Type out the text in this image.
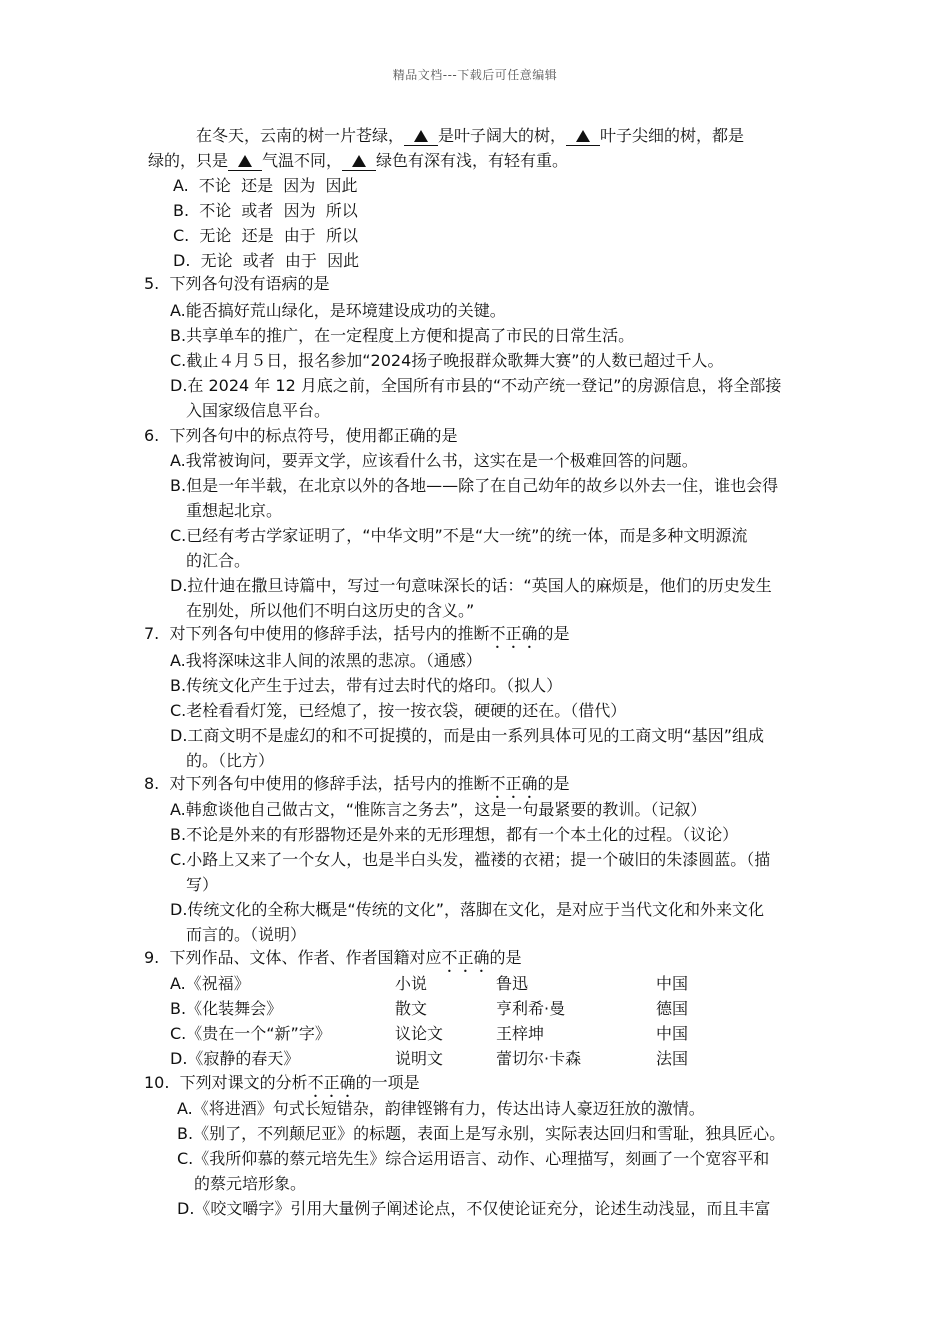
精品文档---下载后可任意编辑
在冬天，云南的树一片苍绿， 是叶子阔大的树， 叶子尖细的树，都是
绿的，只是 气温不同， 绿色有深有浅，有轻有重。
A.  不论  还是  因为  因此
B.  不论  或者  因为  所以
C.  无论  还是  由于  所以
D.  无论  或者  由于  因此
5.  下列各句没有语病的是
A.能否搞好荒山绿化，是环境建设成功的关键。
B.共享单车的推广，在一定程度上方便和提高了市民的日常生活。
C.截止４月５日，报名参加“2024扬子晚报群众歌舞大赛”的人数已超过千人。
D.在 2024 年 12 月底之前，全国所有市县的“不动产统一登记”的房源信息，将全部接
入国家级信息平台。
6.  下列各句中的标点符号，使用都正确的是
A.我常被询问，要弄文学，应该看什么书，这实在是一个极难回答的问题。
B.但是一年半载，在北京以外的各地——除了在自己幼年的故乡以外去一住，谁也会得
重想起北京。
C.已经有考古学家证明了，“中华文明”不是“大一统”的统一体，而是多种文明源流
的汇合。
D.拉什迪在撒旦诗篇中，写过一句意味深长的话：“英国人的麻烦是，他们的历史发生
在别处，所以他们不明白这历史的含义。”
7.  对下列各句中使用的修辞手法，括号内的推断不正确的是
A.我将深味这非人间的浓黑的悲凉。（通感）
B.传统文化产生于过去，带有过去时代的烙印。（拟人）
C.老栓看看灯笼，已经熄了，按一按衣袋，硬硬的还在。（借代）
D.工商文明不是虚幻的和不可捉摸的，而是由一系列具体可见的工商文明“基因”组成
的。（比方）
8.  对下列各句中使用的修辞手法，括号内的推断不正确的是
A.韩愈谈他自己做古文，“惟陈言之务去”，这是一句最紧要的教训。（记叙）
B.不论是外来的有形器物还是外来的无形理想，都有一个本土化的过程。（议论）
C.小路上又来了一个女人，也是半白头发，褴褛的衣裙；提一个破旧的朱漆圆蓝。（描
写）
D.传统文化的全称大概是“传统的文化”，落脚在文化，是对应于当代文化和外来文化
而言的。（说明）
9.  下列作品、文体、作者、作者国籍对应不正确的是
A.《祝福》	小说	鲁迅	中国
B.《化装舞会》	散文	亨利希·曼	德国
C.《贵在一个“新”字》	议论文	王梓坤	中国
D.《寂静的春天》	说明文	蕾切尔·卡森	法国
10.  下列对课文的分析不正确的一项是
A.《将进酒》句式长短错杂，韵律铿锵有力，传达出诗人豪迈狂放的激情。
B.《别了，不列颠尼亚》的标题，表面上是写永别，实际表达回归和雪耻，独具匠心。
C.《我所仰慕的蔡元培先生》综合运用语言、动作、心理描写，刻画了一个宽容平和
的蔡元培形象。
D.《咬文嚼字》引用大量例子阐述论点，不仅使论证充分，论述生动浅显，而且丰富
